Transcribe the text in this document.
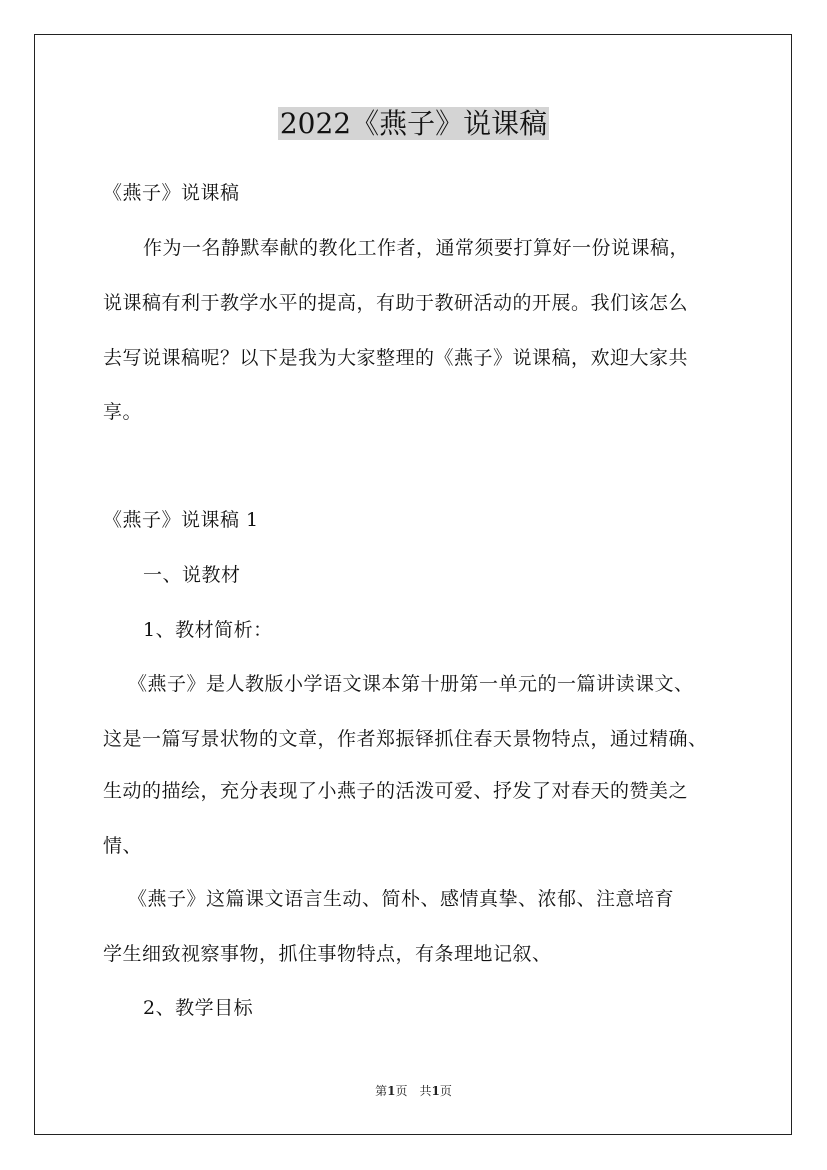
2022《燕子》说课稿
《燕子》说课稿
作为一名静默奉献的教化工作者，通常须要打算好一份说课稿，
说课稿有利于教学水平的提高，有助于教研活动的开展。我们该怎么
去写说课稿呢？以下是我为大家整理的《燕子》说课稿，欢迎大家共
享。
《燕子》说课稿 1
一、说教材
1、教材简析：
《燕子》是人教版小学语文课本第十册第一单元的一篇讲读课文、
这是一篇写景状物的文章，作者郑振铎抓住春天景物特点，通过精确、
生动的描绘，充分表现了小燕子的活泼可爱、抒发了对春天的赞美之
情、
《燕子》这篇课文语言生动、简朴、感情真挚、浓郁、注意培育
学生细致视察事物，抓住事物特点，有条理地记叙、
2、教学目标
第1页　共1页
